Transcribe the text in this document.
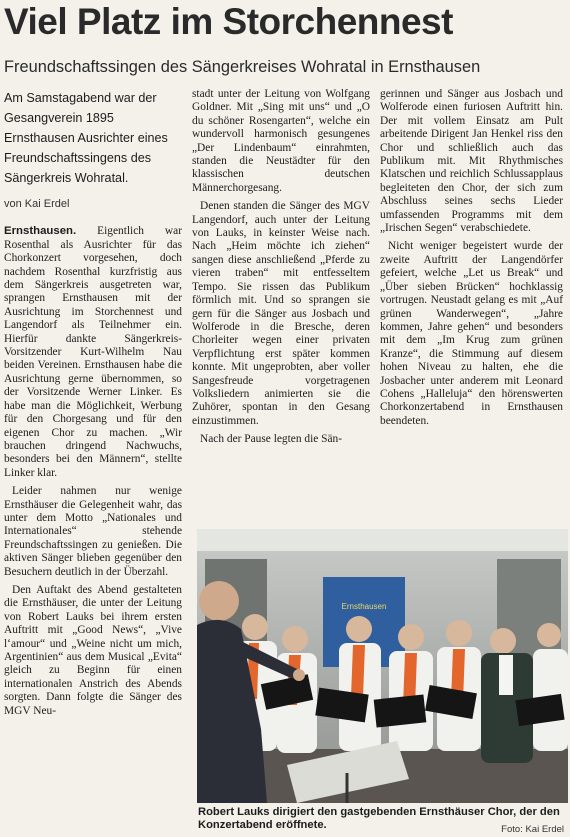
Viel Platz im Storchennest
Freundschaftssingen des Sängerkreises Wohratal in Ernsthausen
Am Samstagabend war der Gesangverein 1895 Ernsthausen Ausrichter eines Freundschaftssingens des Sängerkreis Wohratal.
von Kai Erdel

Ernsthausen. Eigentlich war Rosenthal als Ausrichter für das Chorkonzert vorgesehen, doch nachdem Rosenthal kurzfristig aus dem Sängerkreis ausgetreten war, sprangen Ernsthausen mit der Ausrichtung im Storchennest und Langendorf als Teilnehmer ein. Hierfür dankte Sängerkreis-Vorsitzender Kurt-Wilhelm Nau beiden Vereinen. Ernsthausen habe die Ausrichtung gerne übernommen, so der Vorsitzende Werner Linker. Es habe man die Möglichkeit, Werbung für den Chorgesang und für den eigenen Chor zu machen. „Wir brauchen dringend Nachwuchs, besonders bei den Männern“, stellte Linker klar.

Leider nahmen nur wenige Ernsthäuser die Gelegenheit wahr, das unter dem Motto „Nationales und Internationales“ stehende Freundschaftssingen zu genießen. Die aktiven Sänger blieben gegenüber den Besuchern deutlich in der Überzahl.

Den Auftakt des Abend gestalteten die Ernsthäuser, die unter der Leitung von Robert Lauks bei ihrem ersten Auftritt mit „Good News“, „Vive l‘amour“ und „Weine nicht um mich, Argentinien“ aus dem Musical „Evita“ gleich zu Beginn für einen internationalen Anstrich des Abends sorgten. Dann folgte die Sänger des MGV Neu-

stadt unter der Leitung von Wolfgang Goldner. Mit „Sing mit uns“ und „O du schöner Rosengarten“, welche ein wundervoll harmonisch gesungenes „Der Lindenbaum“ einrahmten, standen die Neustädter für den klassischen deutschen Männerchorgesang.

Denen standen die Sänger des MGV Langendorf, auch unter der Leitung von Lauks, in keinster Weise nach. Nach „Heim möchte ich ziehen“ sangen diese anschließend „Pferde zu vieren traben“ mit entfesseltem Tempo. Sie rissen das Publikum förmlich mit. Und so sprangen sie gern für die Sänger aus Josbach und Wolferode in die Bresche, deren Chorleiter wegen einer privaten Verpflichtung erst später kommen konnte. Mit ungeprobten, aber voller Sangesfreude vorgetragenen Volksliedern animierten sie die Zuhörer, spontan in den Gesang einzustimmen.

Nach der Pause legten die Sän-

gerinnen und Sänger aus Josbach und Wolferode einen furiosen Auftritt hin. Der mit vollem Einsatz am Pult arbeitende Dirigent Jan Henkel riss den Chor und schließlich auch das Publikum mit. Mit Rhythmisches Klatschen und reichlich Schlussapplaus begleiteten den Chor, der sich zum Abschluss seines sechs Lieder umfassenden Programms mit dem „Irischen Segen“ verabschiedete.

Nicht weniger begeistert wurde der zweite Auftritt der Langendörfer gefeiert, welche „Let us Break“ und „Über sieben Brücken“ hochklassig vortrugen. Neustadt gelang es mit „Auf grünen Wanderwegen“, „Jahre kommen, Jahre gehen“ und besonders mit dem „Im Krug zum grünen Kranze“, die Stimmung auf diesem hohen Niveau zu halten, ehe die Josbacher unter anderem mit Leonard Cohens „Halleluja“ den hörenswerten Chorkonzertabend in Ernsthausen beendeten.

Ernsthausen
Robert Lauks dirigiert den gastgebenden Ernsthäuser Chor, der den Konzertabend eröffnete.	Foto: Kai Erdel
